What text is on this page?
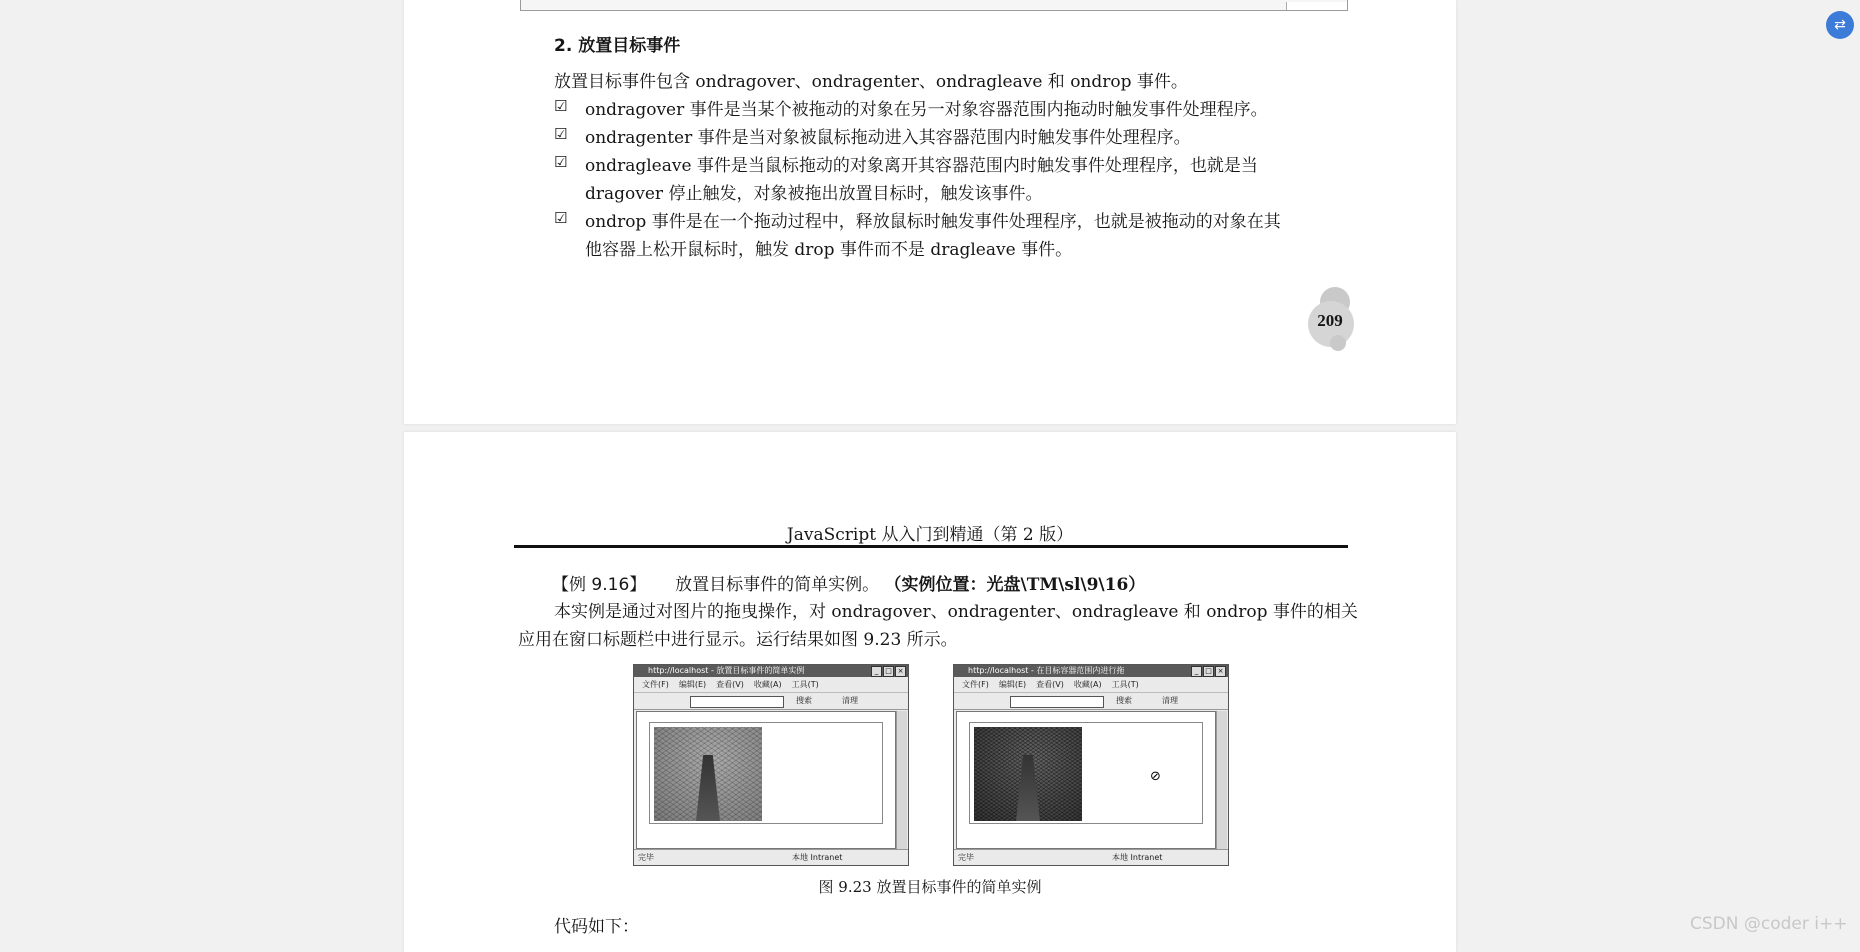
2. 放置目标事件
放置目标事件包含 ondragover、ondragenter、ondragleave 和 ondrop 事件。
☑ ondragover 事件是当某个被拖动的对象在另一对象容器范围内拖动时触发事件处理程序。
☑ ondragenter 事件是当对象被鼠标拖动进入其容器范围内时触发事件处理程序。
☑ ondragleave 事件是当鼠标拖动的对象离开其容器范围内时触发事件处理程序，也就是当
dragover 停止触发，对象被拖出放置目标时，触发该事件。
☑ ondrop 事件是在一个拖动过程中，释放鼠标时触发事件处理程序，也就是被拖动的对象在其
他容器上松开鼠标时，触发 drop 事件而不是 dragleave 事件。
209
JavaScript 从入门到精通（第 2 版）
【例 9.16】 放置目标事件的简单实例。 （实例位置：光盘\TM\sl\9\16）
本实例是通过对图片的拖曳操作，对 ondragover、ondragenter、ondragleave 和 ondrop 事件的相关
应用在窗口标题栏中进行显示。运行结果如图 9.23 所示。
http://localhost - 放置目标事件的简单实例	_ □ ×
文件(F) 编辑(E) 查看(V) 收藏(A) 工具(T)
搜索	清理
完毕	本地 Intranet
http://localhost - 在目标容器范围内进行拖	_ □ ×
文件(F) 编辑(E) 查看(V) 收藏(A) 工具(T)
搜索	清理
⊘
完毕	本地 Intranet
图 9.23 放置目标事件的简单实例
代码如下：
⇄
CSDN @coder i++
